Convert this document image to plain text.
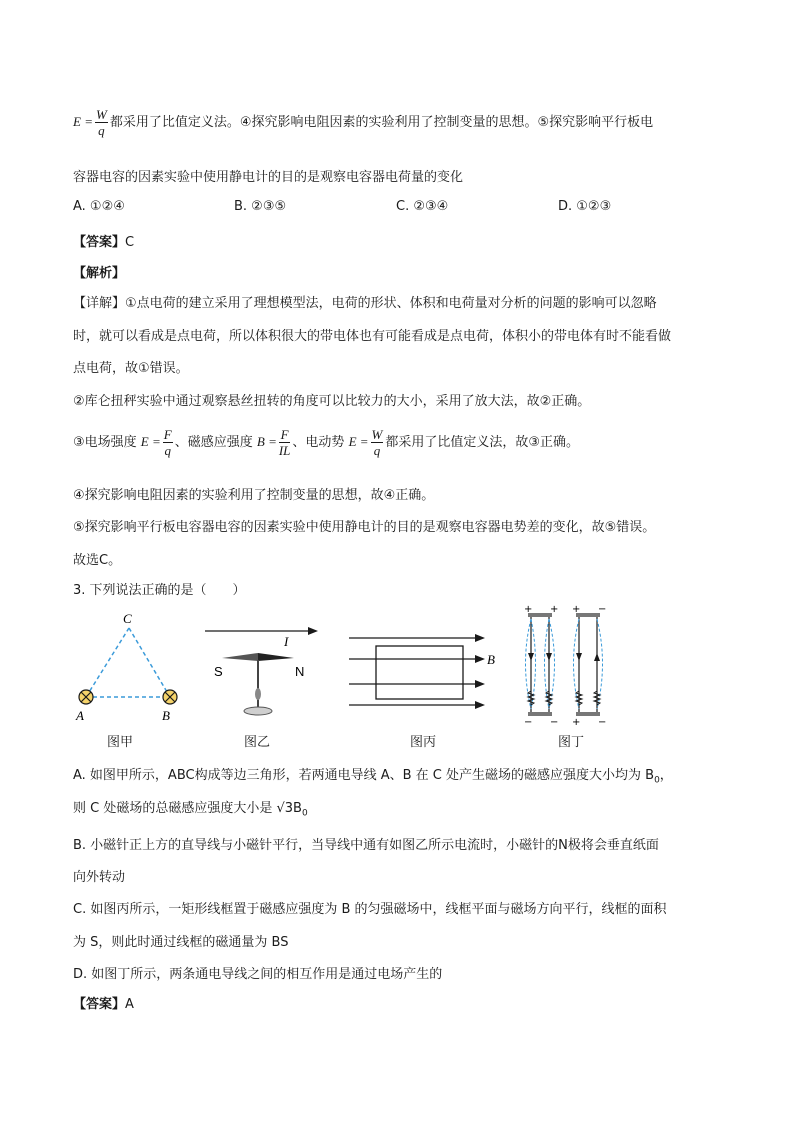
$E = \frac{W}{q}$ 都采用了比值定义法。④探究影响电阻因素的实验利用了控制变量的思想。⑤探究影响平行板电
容器电容的因素实验中使用静电计的目的是观察电容器电荷量的变化
A. ①②④	B. ②③⑤	C. ②③④	D. ①②③
【答案】C
【解析】
【详解】①点电荷的建立采用了理想模型法，电荷的形状、体积和电荷量对分析的问题的影响可以忽略
时，就可以看成是点电荷，所以体积很大的带电体也有可能看成是点电荷，体积小的带电体有时不能看做
点电荷，故①错误。
②库仑扭秤实验中通过观察悬丝扭转的角度可以比较力的大小，采用了放大法，故②正确。
③电场强度 $E = \frac{F}{q}$ 、磁感应强度 $B = \frac{F}{IL}$ 、电动势 $E = \frac{W}{q}$ 都采用了比值定义法，故③正确。
④探究影响电阻因素的实验利用了控制变量的思想，故④正确。
⑤探究影响平行板电容器电容的因素实验中使用静电计的目的是观察电容器电势差的变化，故⑤错误。
故选C。
3. 下列说法正确的是（　　）
C
A	B
图甲
I
S	N
图乙
B
图丙
+ + + −
− − + −
图丁
A. 如图甲所示，ABC构成等边三角形，若两通电导线 A、B 在 C 处产生磁场的磁感应强度大小均为 $B_0$，
则 C 处磁场的总磁感应强度大小是 $√3B_0$
B. 小磁针正上方的直导线与小磁针平行，当导线中通有如图乙所示电流时，小磁针的N极将会垂直纸面
向外转动
C. 如图丙所示，一矩形线框置于磁感应强度为 B 的匀强磁场中，线框平面与磁场方向平行，线框的面积
为 S，则此时通过线框的磁通量为 BS
D. 如图丁所示，两条通电导线之间的相互作用是通过电场产生的
【答案】A
